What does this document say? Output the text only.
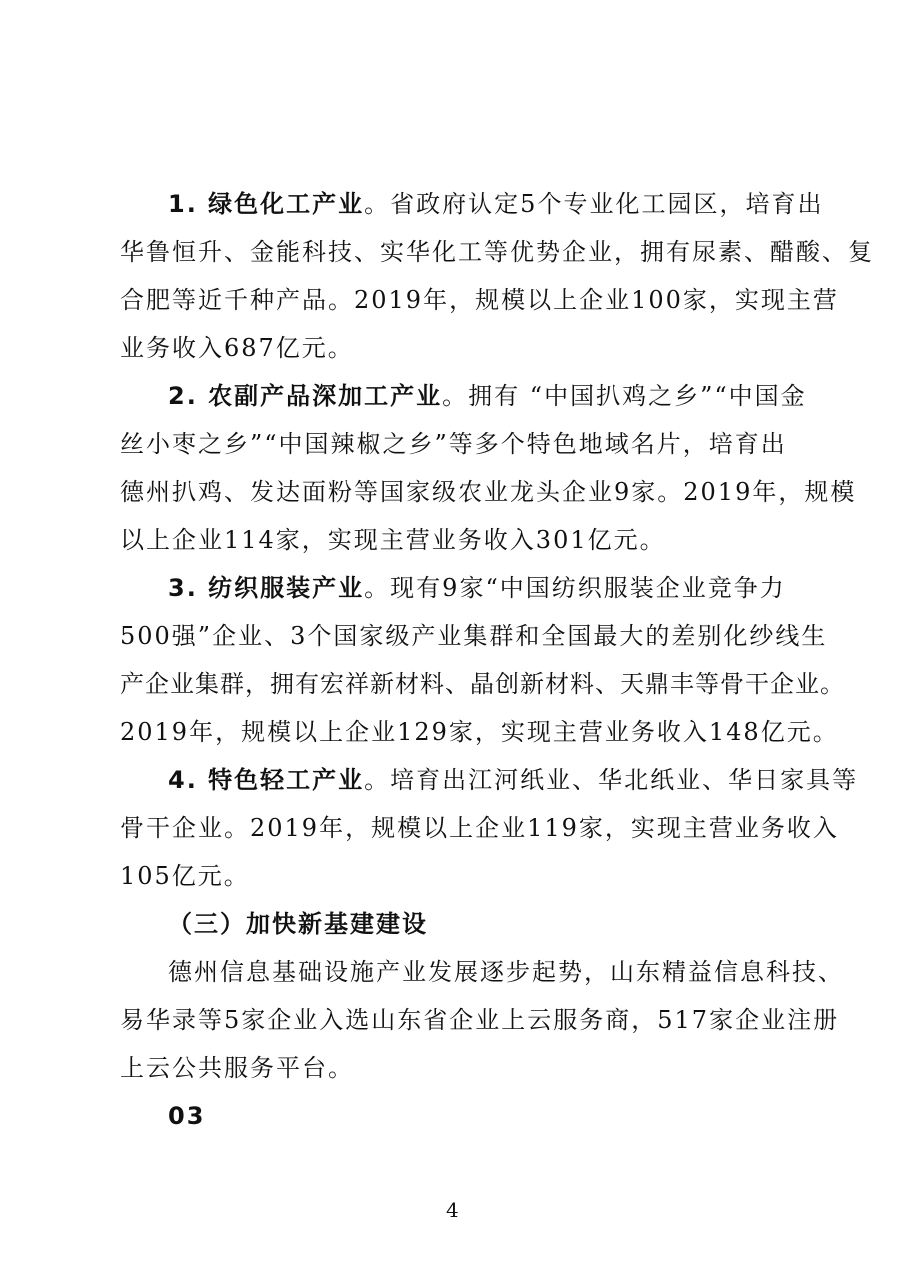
1. 绿色化工产业。省政府认定5个专业化工园区，培育出
华鲁恒升、金能科技、实华化工等优势企业，拥有尿素、醋酸、复
合肥等近千种产品。2019年，规模以上企业100家，实现主营
业务收入687亿元。
2. 农副产品深加工产业。拥有 “中国扒鸡之乡”“中国金
丝小枣之乡”“中国辣椒之乡”等多个特色地域名片，培育出
德州扒鸡、发达面粉等国家级农业龙头企业9家。2019年，规模
以上企业114家，实现主营业务收入301亿元。
3. 纺织服装产业。现有9家“中国纺织服装企业竞争力
500强”企业、3个国家级产业集群和全国最大的差别化纱线生
产企业集群，拥有宏祥新材料、晶创新材料、天鼎丰等骨干企业。
2019年，规模以上企业129家，实现主营业务收入148亿元。
4. 特色轻工产业。培育出江河纸业、华北纸业、华日家具等
骨干企业。2019年，规模以上企业119家，实现主营业务收入
105亿元。
（三）加快新基建建设
德州信息基础设施产业发展逐步起势，山东精益信息科技、
易华录等5家企业入选山东省企业上云服务商，517家企业注册
上云公共服务平台。
03
4
